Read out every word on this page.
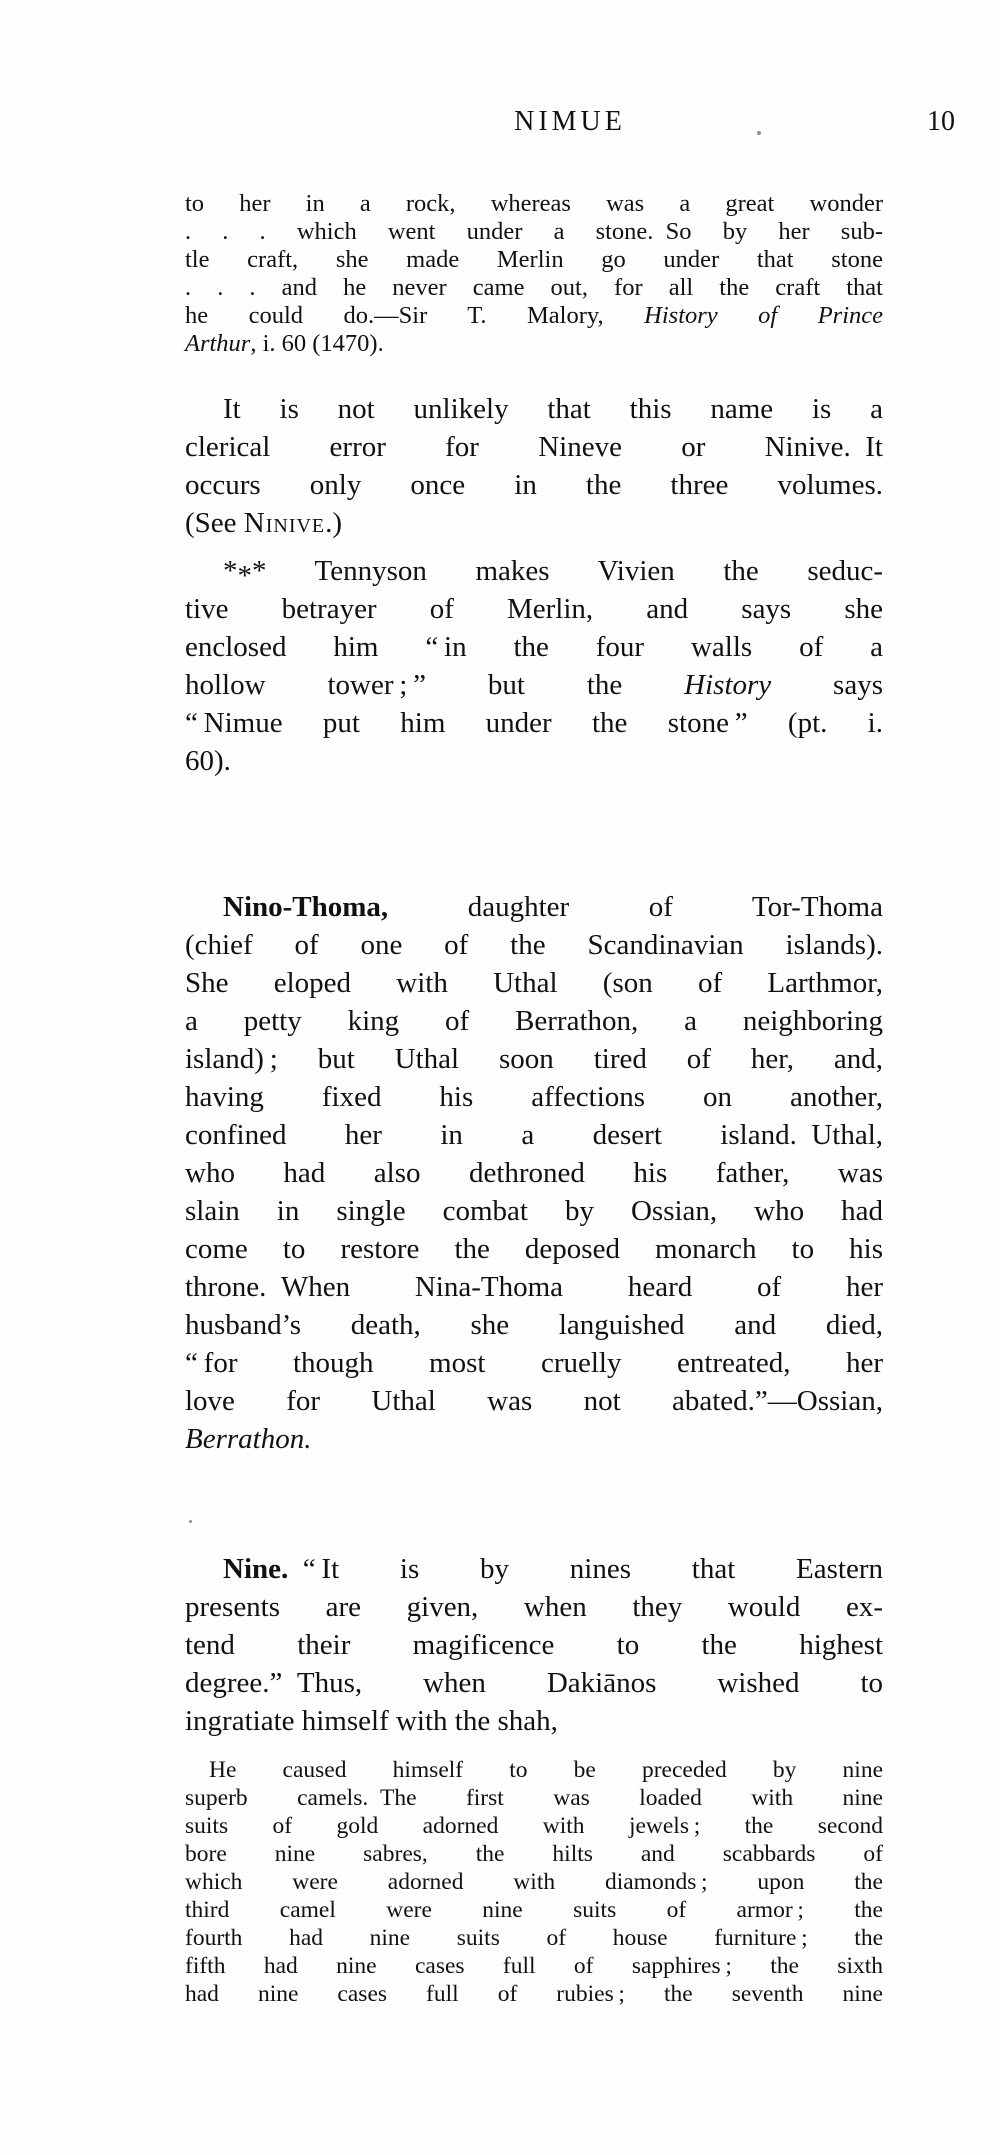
NIMUE	10
to her in a rock, whereas was a great wonder
. . . which went under a stone. So by her sub-
tle craft, she made Merlin go under that stone
. . . and he never came out, for all the craft that
he could do.—Sir T. Malory, History of Prince
Arthur, i. 60 (1470).
It is not unlikely that this name is a
clerical error for Nineve or Ninive. It
occurs only once in the three volumes.
(See Ninive.)
*** Tennyson makes Vivien the seduc-
tive betrayer of Merlin, and says she
enclosed him “ in the four walls of a
hollow tower ; ” but the History says
“ Nimue put him under the stone ” (pt. i.
60).
Nino-Thoma, daughter of Tor-Thoma
(chief of one of the Scandinavian islands).
She eloped with Uthal (son of Larthmor,
a petty king of Berrathon, a neighboring
island) ; but Uthal soon tired of her, and,
having fixed his affections on another,
confined her in a desert island. Uthal,
who had also dethroned his father, was
slain in single combat by Ossian, who had
come to restore the deposed monarch to his
throne. When Nina-Thoma heard of her
husband’s death, she languished and died,
“ for though most cruelly entreated, her
love for Uthal was not abated.”—Ossian,
Berrathon.
Nine. “ It is by nines that Eastern
presents are given, when they would ex-
tend their magificence to the highest
degree.” Thus, when Dakiānos wished to
ingratiate himself with the shah,
He caused himself to be preceded by nine
superb camels. The first was loaded with nine
suits of gold adorned with jewels ; the second
bore nine sabres, the hilts and scabbards of
which were adorned with diamonds ; upon the
third camel were nine suits of armor ; the
fourth had nine suits of house furniture ; the
fifth had nine cases full of sapphires ; the sixth
had nine cases full of rubies ; the seventh nine
